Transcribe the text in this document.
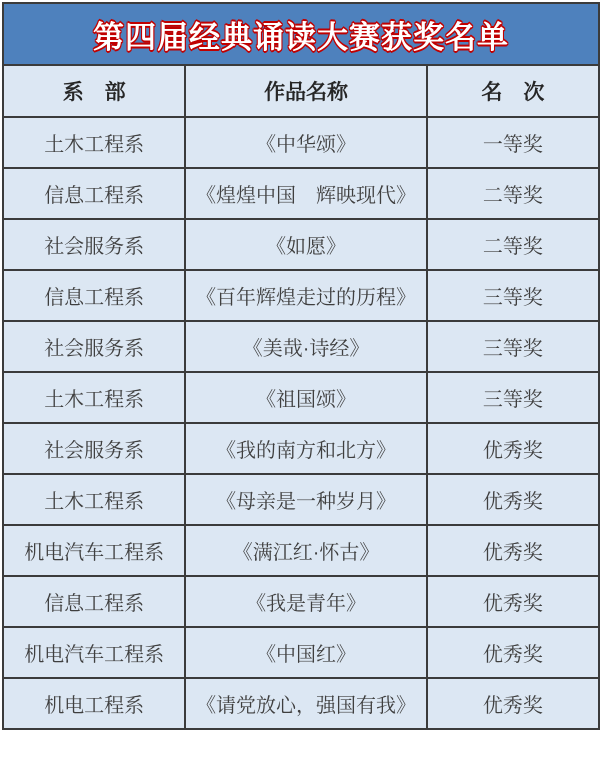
第四届经典诵读大赛获奖名单
系　部	作品名称	名　次
土木工程系	《中华颂》	一等奖
信息工程系	《煌煌中国　辉映现代》	二等奖
社会服务系	《如愿》	二等奖
信息工程系	《百年辉煌走过的历程》	三等奖
社会服务系	《美哉·诗经》	三等奖
土木工程系	《祖国颂》	三等奖
社会服务系	《我的南方和北方》	优秀奖
土木工程系	《母亲是一种岁月》	优秀奖
机电汽车工程系	《满江红·怀古》	优秀奖
信息工程系	《我是青年》	优秀奖
机电汽车工程系	《中国红》	优秀奖
机电工程系	《请党放心，强国有我》	优秀奖
